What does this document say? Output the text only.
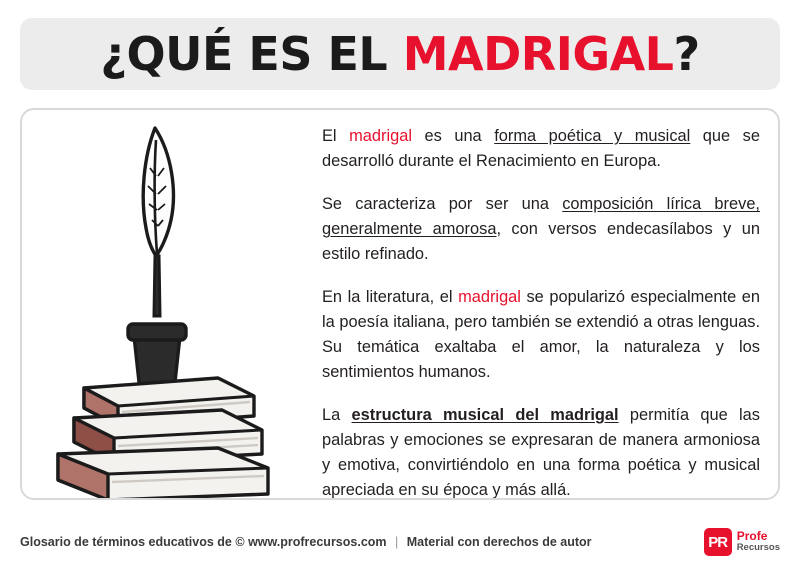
¿QUÉ ES EL MADRIGAL?

El madrigal es una forma poética y musical que se desarrolló durante el Renacimiento en Europa.

Se caracteriza por ser una composición lírica breve, generalmente amorosa, con versos endecasílabos y un estilo refinado.

En la literatura, el madrigal se popularizó especialmente en la poesía italiana, pero también se extendió a otras lenguas. Su temática exaltaba el amor, la naturaleza y los sentimientos humanos.

La estructura musical del madrigal permitía que las palabras y emociones se expresaran de manera armoniosa y emotiva, convirtiéndolo en una forma poética y musical apreciada en su época y más allá.

Glosario de términos educativos de © www.profrecursos.com | Material con derechos de autor	PR Profe
Recursos
